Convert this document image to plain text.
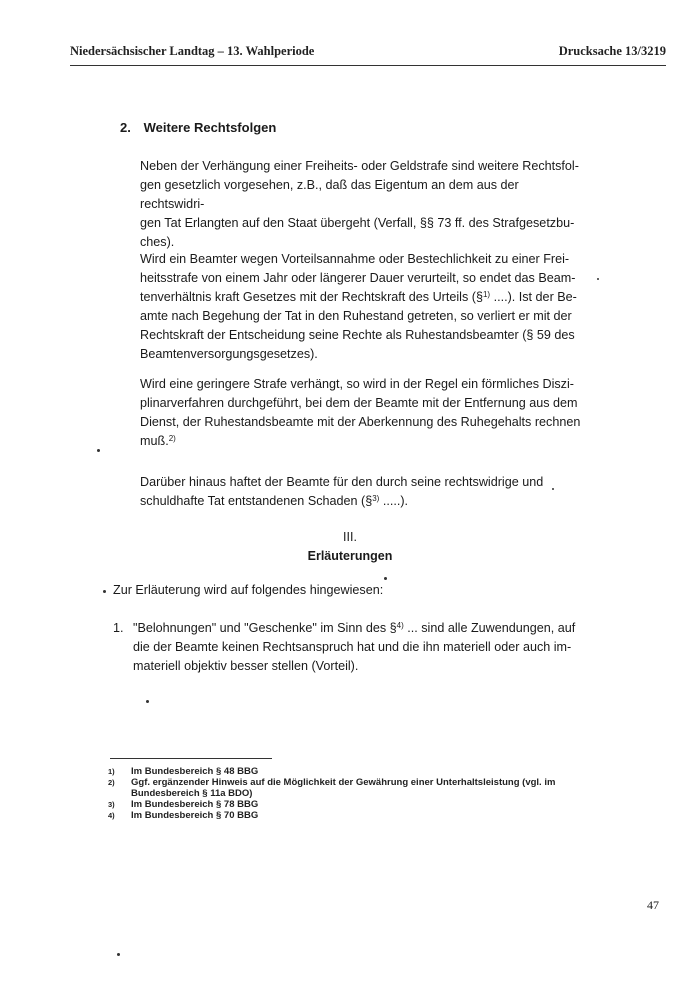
Niedersächsischer Landtag – 13. Wahlperiode	Drucksache 13/3219
2. Weitere Rechtsfolgen

Neben der Verhängung einer Freiheits- oder Geldstrafe sind weitere Rechtsfol-
gen gesetzlich vorgesehen, z.B., daß das Eigentum an dem aus der rechtswidri-
gen Tat Erlangten auf den Staat übergeht (Verfall, §§ 73 ff. des Strafgesetzbu-
ches).

Wird ein Beamter wegen Vorteilsannahme oder Bestechlichkeit zu einer Frei-
heitsstrafe von einem Jahr oder längerer Dauer verurteilt, so endet das Beam-
tenverhältnis kraft Gesetzes mit der Rechtskraft des Urteils (§$^{1)}$ ....). Ist der Be-
amte nach Begehung der Tat in den Ruhestand getreten, so verliert er mit der
Rechtskraft der Entscheidung seine Rechte als Ruhestandsbeamter (§ 59 des
Beamtenversorgungsgesetzes).

Wird eine geringere Strafe verhängt, so wird in der Regel ein förmliches Diszi-
plinarverfahren durchgeführt, bei dem der Beamte mit der Entfernung aus dem
Dienst, der Ruhestandsbeamte mit der Aberkennung des Ruhegehalts rechnen
muß.$^{2)}$

Darüber hinaus haftet der Beamte für den durch seine rechtswidrige und
schuldhafte Tat entstandenen Schaden (§$^{3)}$ .....).

III.
Erläuterungen
Zur Erläuterung wird auf folgendes hingewiesen:
1. "Belohnungen" und "Geschenke" im Sinn des §$^{4)}$ ... sind alle Zuwendungen, auf
die der Beamte keinen Rechtsanspruch hat und die ihn materiell oder auch im-
materiell objektiv besser stellen (Vorteil).

1) Im Bundesbereich § 48 BBG
2) Ggf. ergänzender Hinweis auf die Möglichkeit der Gewährung einer Unterhaltsleistung (vgl. im
Bundesbereich § 11a BDO)
3) Im Bundesbereich § 78 BBG
4) Im Bundesbereich § 70 BBG
47
